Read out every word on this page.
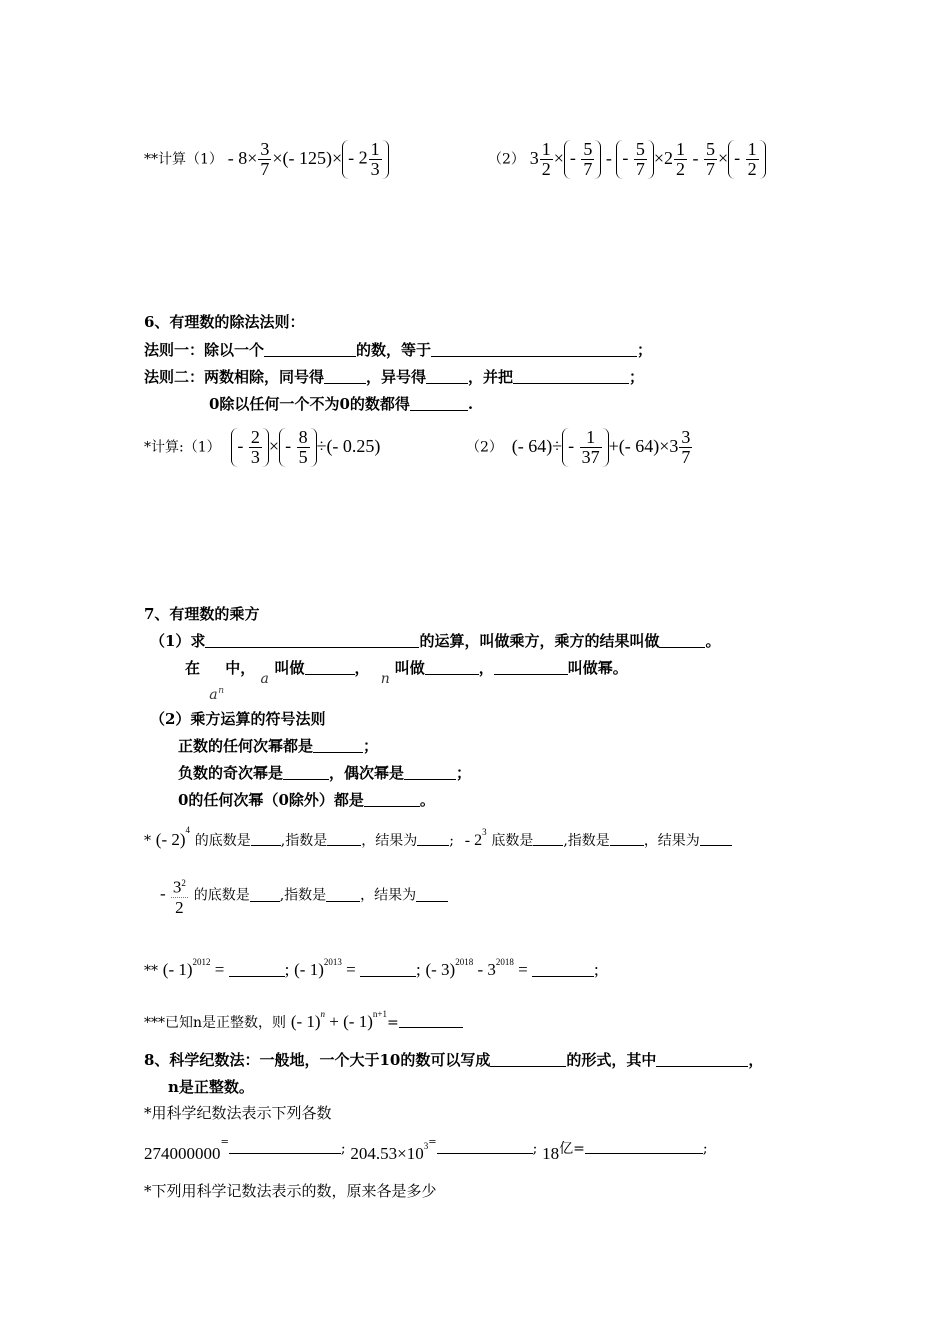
**计算$(1) - 8\times \frac{3}{7}$ ×(- $125)\times - 2 \frac{1}{3}$	（2） $3 \frac{1}{2}$ × - $\frac{5}{7}$ - - $\frac{5}{7} \times 2 \frac{1}{2} - \frac{5}{7}$ × - $\frac{1}{2}$
6、有理数的除法法则：
法则一：除以一个	的数，等于	；
法则二：两数相除，同号得	，异号得	，并把	；
0除以任何一个不为0的数都得	.
*计算:（1） - $\frac{2}{3}$ × - $\frac{8}{5}$ ÷(- 0.25)	（2） (- $64)\div - \frac{1}{37}$ +(- $64)\times 3 \frac{3}{7}$
7、有理数的乘方
（1）求	的运算，叫做乘方，乘方的结果叫做	。
在
a n
中， a叫做	， n叫做	，	叫做幂。
（2）乘方运算的符号法则
正数的任何次幂都是	；
负数的奇次幂是	，偶次幂是	；
0的任何次幂（0除外）都是	。
* (- 2)$^4$ 的底数是 ,指数是 ，结果为 ; - $2^3$ 底数是 ,指数是 ，结果为
- $\frac{3^2}{2}$ 的底数是 ,指数是 ，结果为
** (- 1)$^{2012}$ =	; (- 1)$^{2013}$ =	; (- $3)^{2018} - 3^{2018}$ =	;
***已知n是正整数，则 (- 1)$^n$ + (- 1)$^{n+1}$=
8、科学纪数法：一般地，一个大于10的数可以写成	的形式，其中	，
n是正整数。
*用科学纪数法表示下列各数
274000000=	; $204.53\times 10^{3=}$	; 18亿=	;
*下列用科学记数法表示的数，原来各是多少
